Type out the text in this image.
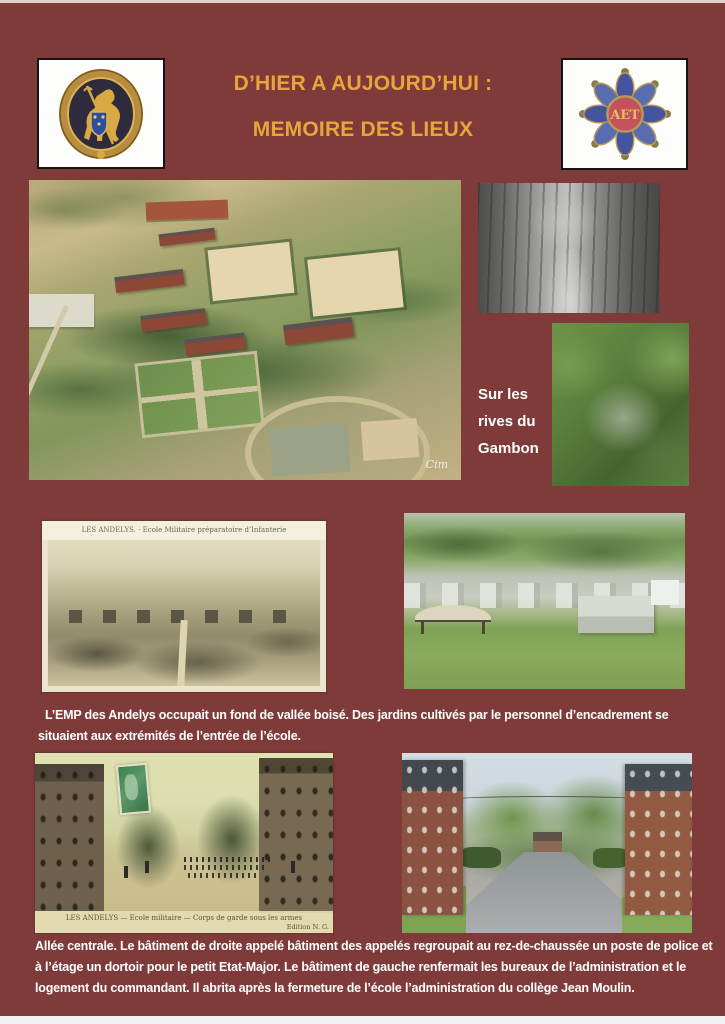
D’HIER A AUJOURD’HUI :
MEMOIRE DES LIEUX
AET
Cim
Sur les
rives du
Gambon
LES ANDELYS. - Ecole Militaire préparatoire d’Infanterie
L’EMP des Andelys occupait un fond de vallée boisé. Des jardins cultivés par le personnel d’encadrement se situaient aux extrémités de l’entrée de l’école.
LES ANDELYS — Ecole militaire — Corps de garde sous les armes
Edition N. G.
Allée centrale. Le bâtiment de droite appelé bâtiment des appelés regroupait au rez-de-chaussée un poste de police et à l’étage un dortoir pour le petit Etat-Major. Le bâtiment de gauche renfermait les bureaux de l’administration et le logement du commandant. Il abrita après la fermeture de l’école l’administration du collège Jean Moulin.
